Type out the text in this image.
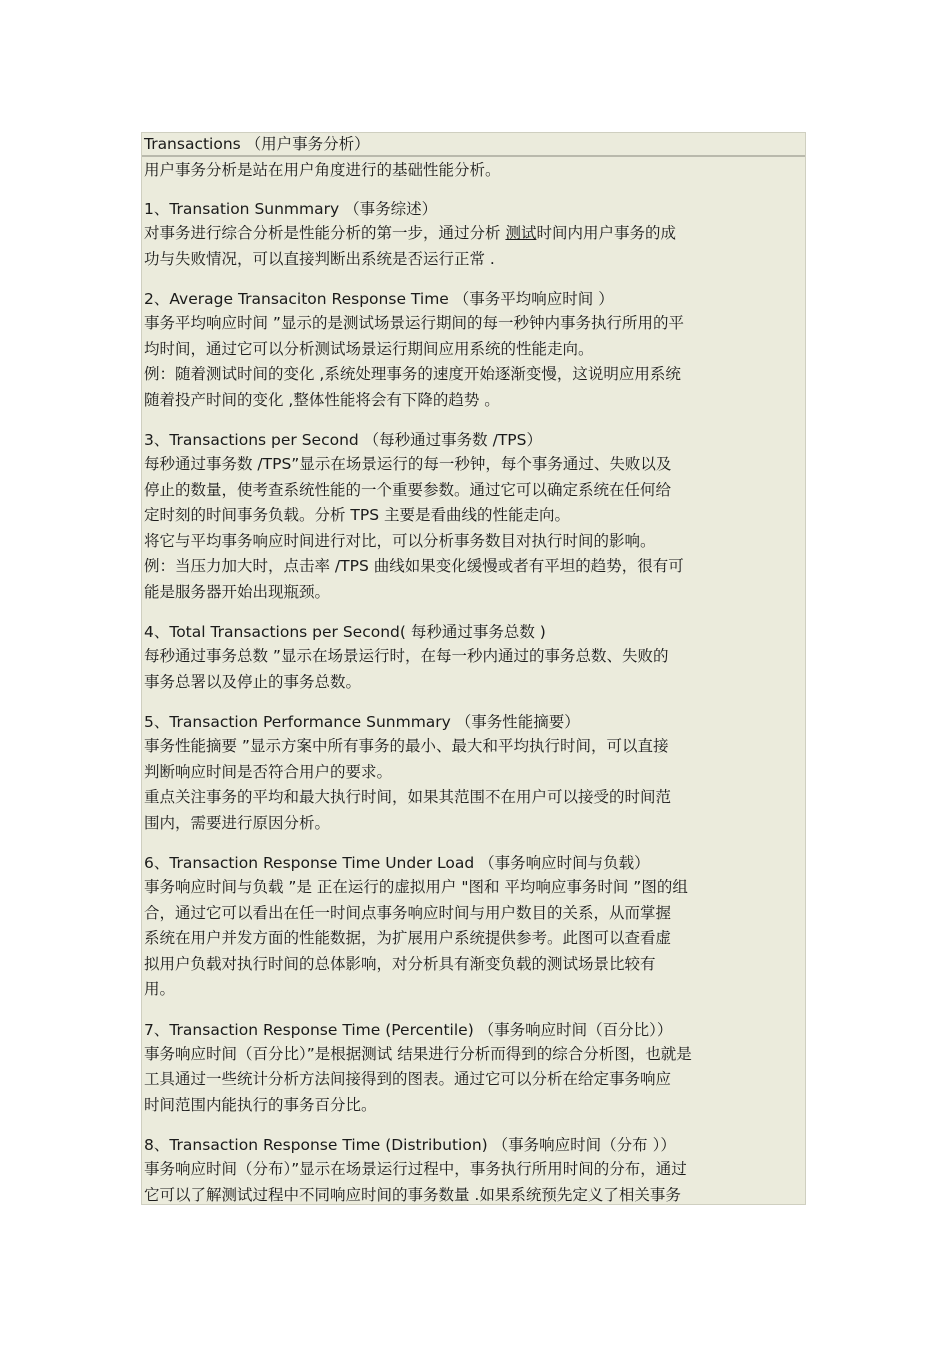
Transactions （用户事务分析）
用户事务分析是站在用户角度进行的基础性能分析。
1、Transation Sunmmary （事务综述）
对事务进行综合分析是性能分析的第一步，通过分析 测试时间内用户事务的成
功与失败情况，可以直接判断出系统是否运行正常 .
2、Average Transaciton Response Time （事务平均响应时间 ）
事务平均响应时间 ”显示的是测试场景运行期间的每一秒钟内事务执行所用的平
均时间，通过它可以分析测试场景运行期间应用系统的性能走向。
例：随着测试时间的变化 ,系统处理事务的速度开始逐渐变慢，这说明应用系统
随着投产时间的变化 ,整体性能将会有下降的趋势 。
3、Transactions per Second （每秒通过事务数 /TPS）
每秒通过事务数 /TPS”显示在场景运行的每一秒钟，每个事务通过、失败以及
停止的数量，使考查系统性能的一个重要参数。通过它可以确定系统在任何给
定时刻的时间事务负载。分析 TPS 主要是看曲线的性能走向。
将它与平均事务响应时间进行对比，可以分析事务数目对执行时间的影响。
例：当压力加大时，点击率 /TPS 曲线如果变化缓慢或者有平坦的趋势，很有可
能是服务器开始出现瓶颈。
4、Total Transactions per Second( 每秒通过事务总数 )
每秒通过事务总数 ”显示在场景运行时，在每一秒内通过的事务总数、失败的
事务总署以及停止的事务总数。
5、Transaction Performance Sunmmary （事务性能摘要）
事务性能摘要 ”显示方案中所有事务的最小、最大和平均执行时间，可以直接
判断响应时间是否符合用户的要求。
重点关注事务的平均和最大执行时间，如果其范围不在用户可以接受的时间范
围内，需要进行原因分析。
6、Transaction Response Time Under Load （事务响应时间与负载）
事务响应时间与负载 ”是 正在运行的虚拟用户 "图和 平均响应事务时间 ”图的组
合，通过它可以看出在任一时间点事务响应时间与用户数目的关系，从而掌握
系统在用户并发方面的性能数据，为扩展用户系统提供参考。此图可以查看虚
拟用户负载对执行时间的总体影响，对分析具有渐变负载的测试场景比较有
用。
7、Transaction Response Time (Percentile) （事务响应时间（百分比））
事务响应时间（百分比）”是根据测试 结果进行分析而得到的综合分析图，也就是
工具通过一些统计分析方法间接得到的图表。通过它可以分析在给定事务响应
时间范围内能执行的事务百分比。
8、Transaction Response Time (Distribution) （事务响应时间（分布 ））
事务响应时间（分布）”显示在场景运行过程中，事务执行所用时间的分布，通过
它可以了解测试过程中不同响应时间的事务数量 .如果系统预先定义了相关事务
